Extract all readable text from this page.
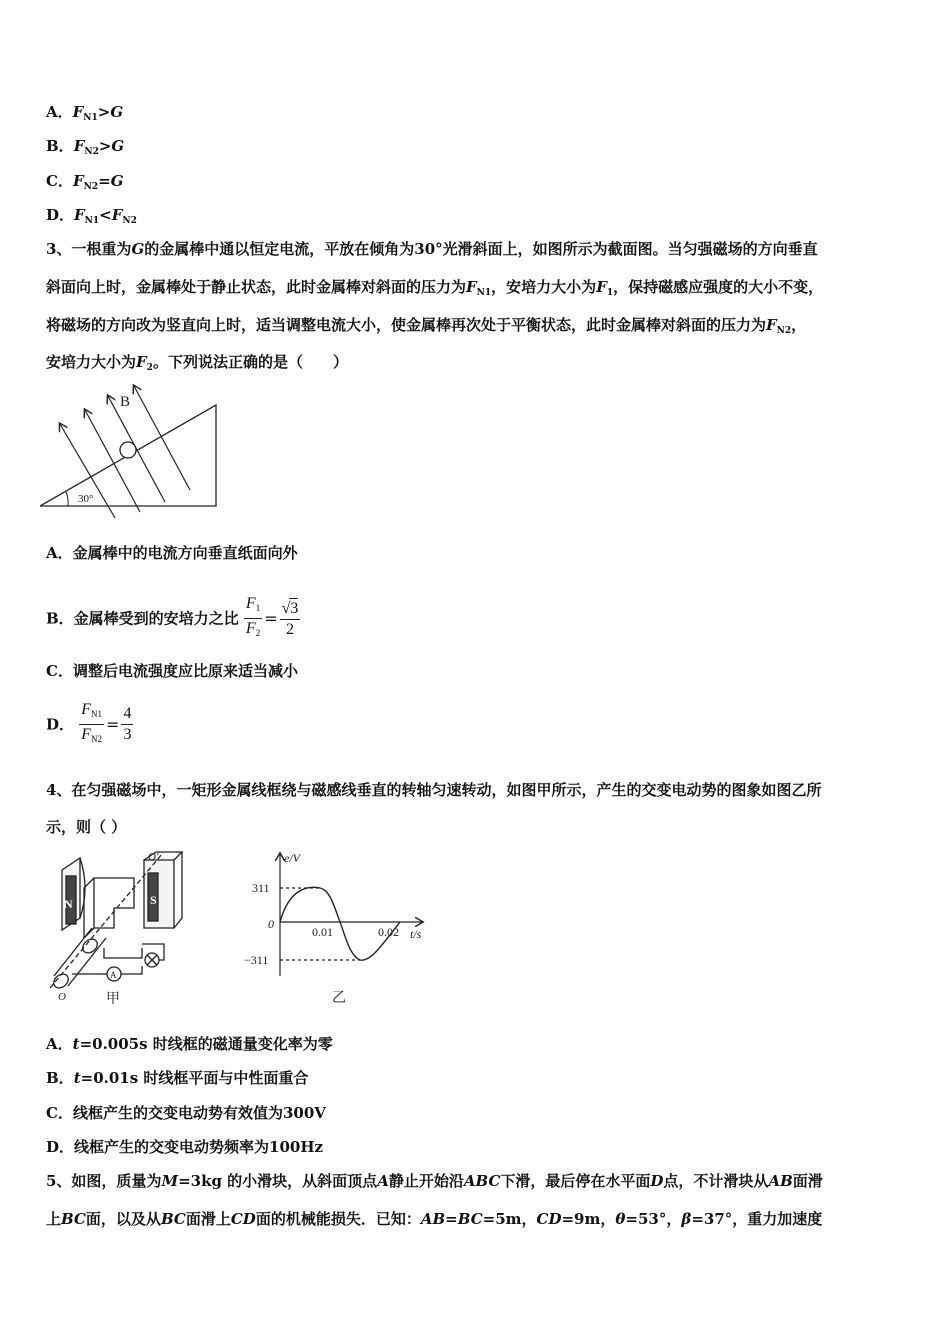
A．$F_{N1}>G$
B．$F_{N2}>G$
C．$F_{N2}=G$
D．$F_{N1}<F_{N2}$
3、一根重为G的金属棒中通以恒定电流，平放在倾角为30°光滑斜面上，如图所示为截面图。当匀强磁场的方向垂直
斜面向上时，金属棒处于静止状态，此时金属棒对斜面的压力为$F_{N1}$，安培力大小为$F_1$，保持磁感应强度的大小不变，
将磁场的方向改为竖直向上时，适当调整电流大小，使金属棒再次处于平衡状态，此时金属棒对斜面的压力为$F_{N2}$，
安培力大小为$F_2$。下列说法正确的是（　　）
B
30°
A．金属棒中的电流方向垂直纸面向外
B．金属棒受到的安培力之比 $\frac{F_1}{F_2} = \frac{√3}{2}$
C．调整后电流强度应比原来适当减小
D． $\frac{F_{N1}}{F_{N2}} = \frac{4}{3}$
4、在匀强磁场中，一矩形金属线框绕与磁感线垂直的转轴匀速转动，如图甲所示，产生的交变电动势的图象如图乙所
示，则（ ）
N	S
O′
O
A
甲
e/V
311
−311
0
0.01	0.02 t/s
乙
A．t=0.005s 时线框的磁通量变化率为零
B．t=0.01s 时线框平面与中性面重合
C．线框产生的交变电动势有效值为300V
D．线框产生的交变电动势频率为100Hz
5、如图，质量为M=3kg 的小滑块，从斜面顶点A静止开始沿ABC下滑，最后停在水平面D点，不计滑块从AB面滑
上BC面，以及从BC面滑上CD面的机械能损失．已知：AB=BC=5m，CD=9m，θ=53°，β=37°，重力加速度
